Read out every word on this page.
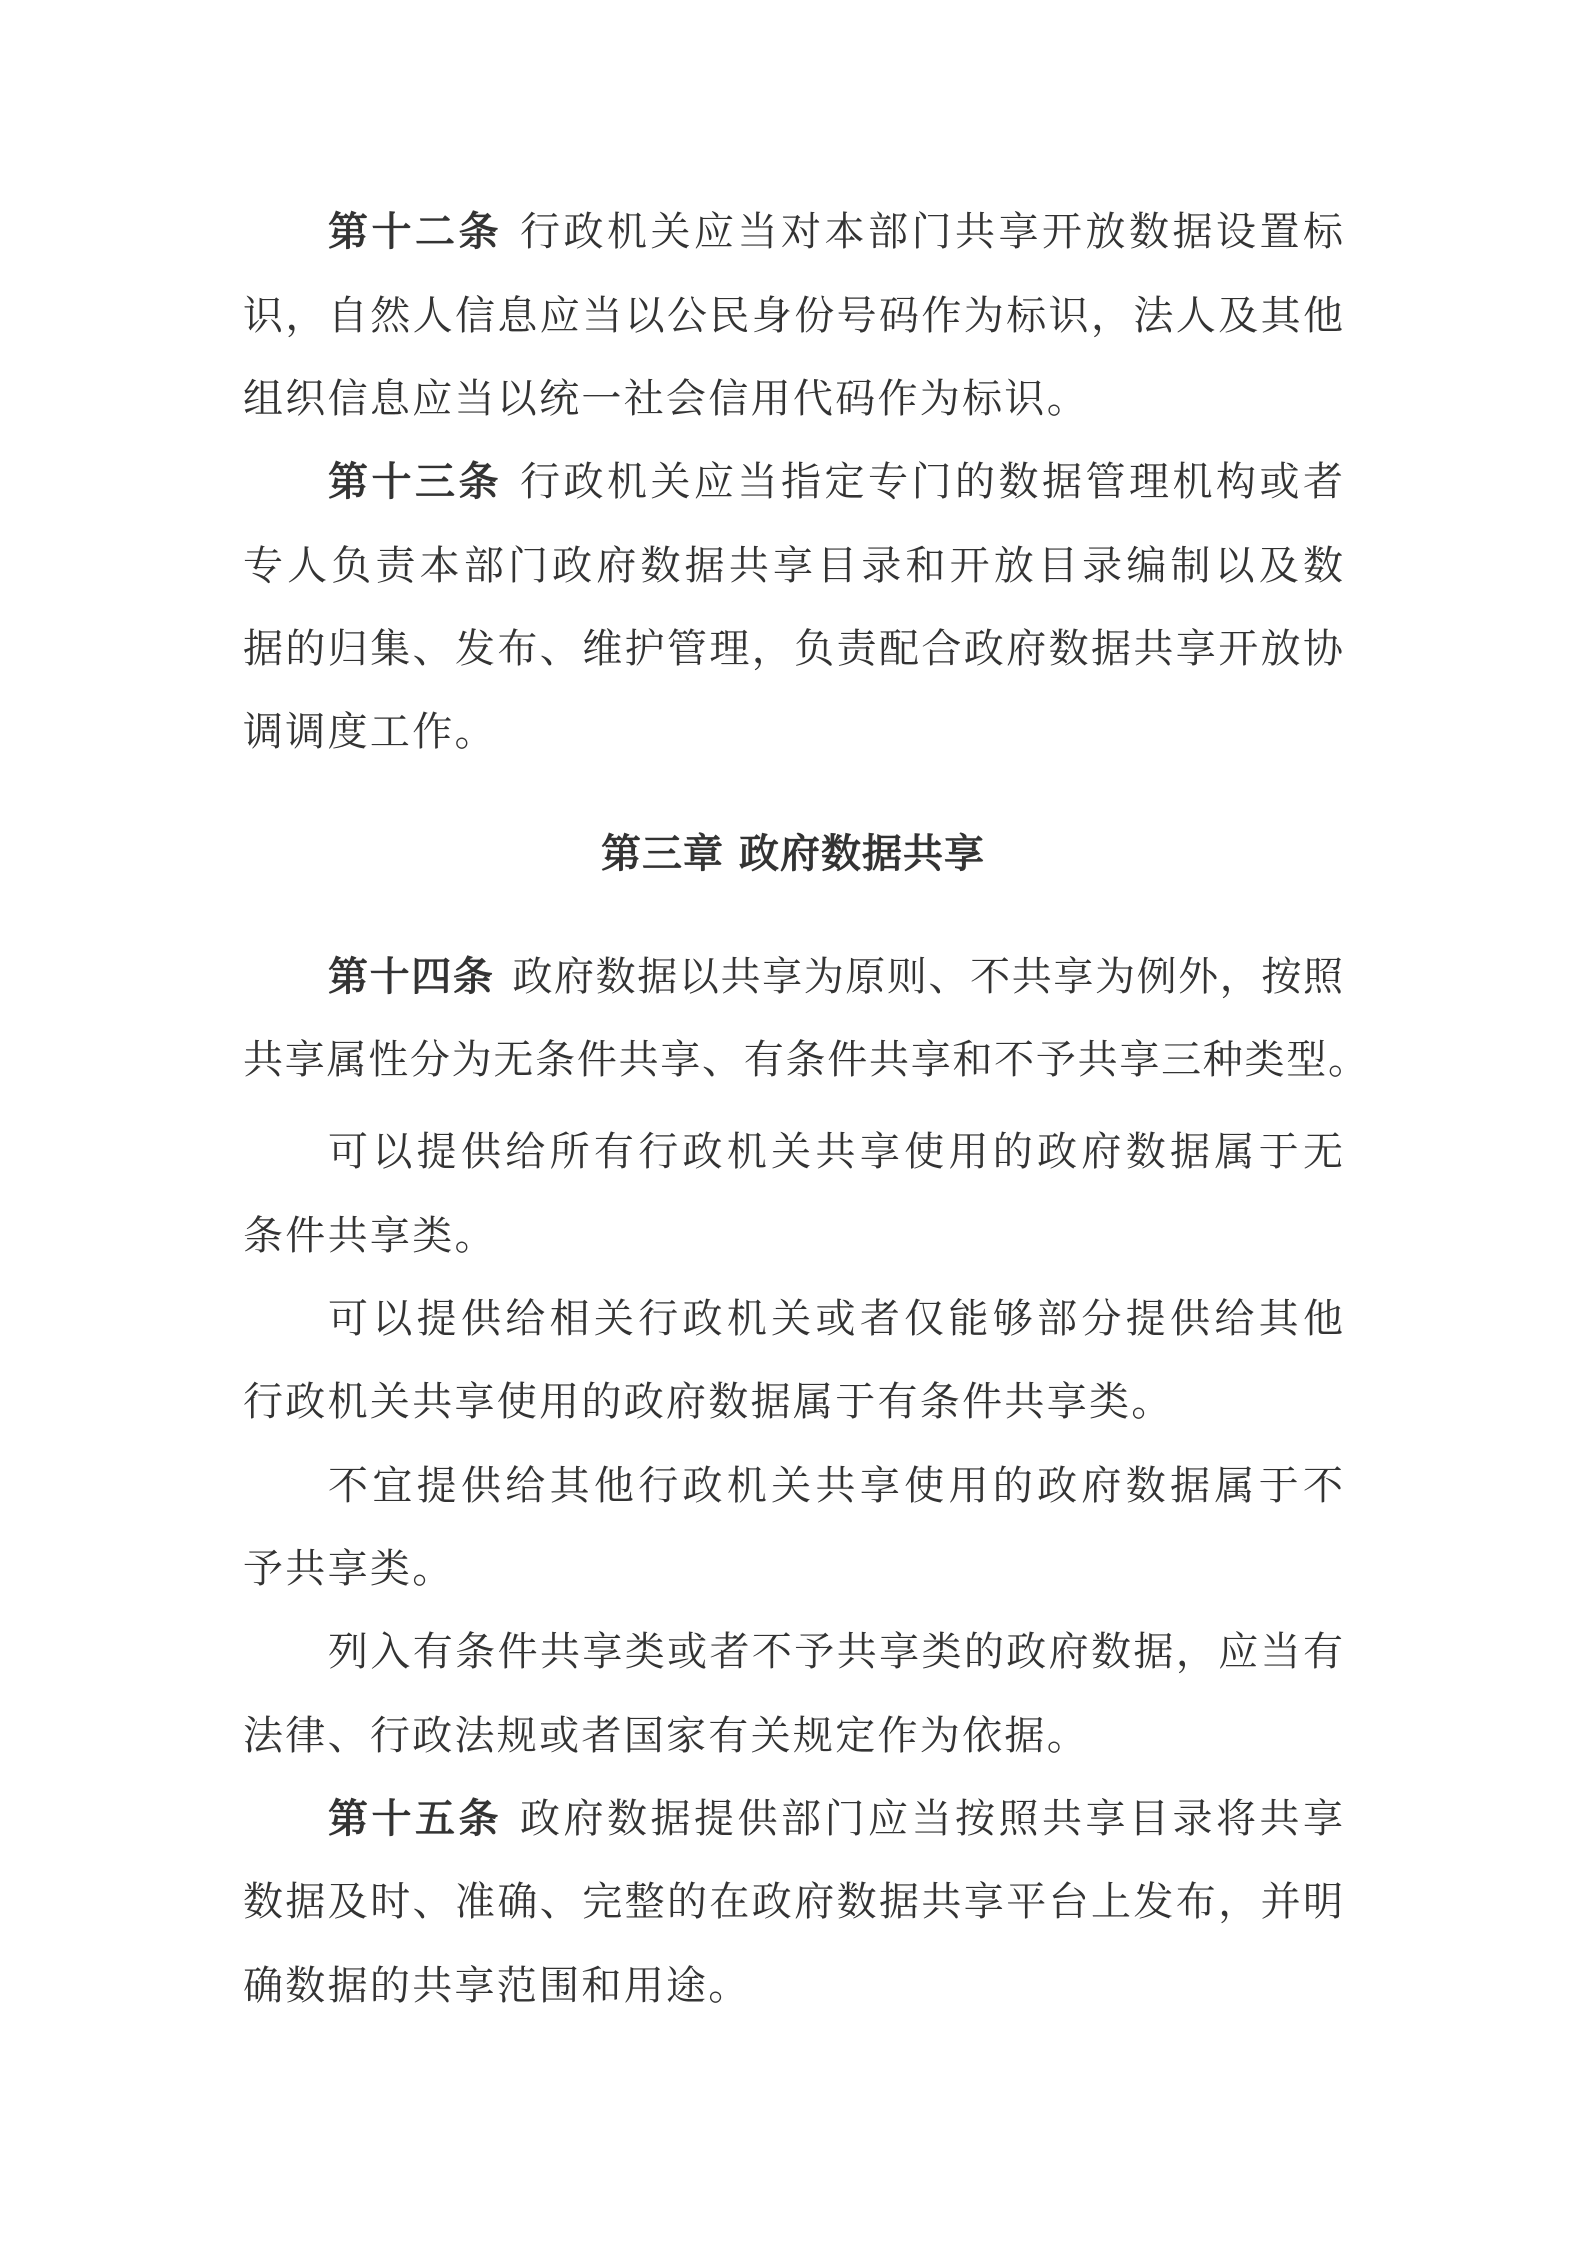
第十二条 行政机关应当对本部门共享开放数据设置标
识，自然人信息应当以公民身份号码作为标识，法人及其他
组织信息应当以统一社会信用代码作为标识。
第十三条 行政机关应当指定专门的数据管理机构或者
专人负责本部门政府数据共享目录和开放目录编制以及数
据的归集、发布、维护管理，负责配合政府数据共享开放协
调调度工作。
第三章 政府数据共享
第十四条 政府数据以共享为原则、不共享为例外，按照
共享属性分为无条件共享、有条件共享和不予共享三种类型。
可以提供给所有行政机关共享使用的政府数据属于无
条件共享类。
可以提供给相关行政机关或者仅能够部分提供给其他
行政机关共享使用的政府数据属于有条件共享类。
不宜提供给其他行政机关共享使用的政府数据属于不
予共享类。
列入有条件共享类或者不予共享类的政府数据，应当有
法律、行政法规或者国家有关规定作为依据。
第十五条 政府数据提供部门应当按照共享目录将共享
数据及时、准确、完整的在政府数据共享平台上发布，并明
确数据的共享范围和用途。
